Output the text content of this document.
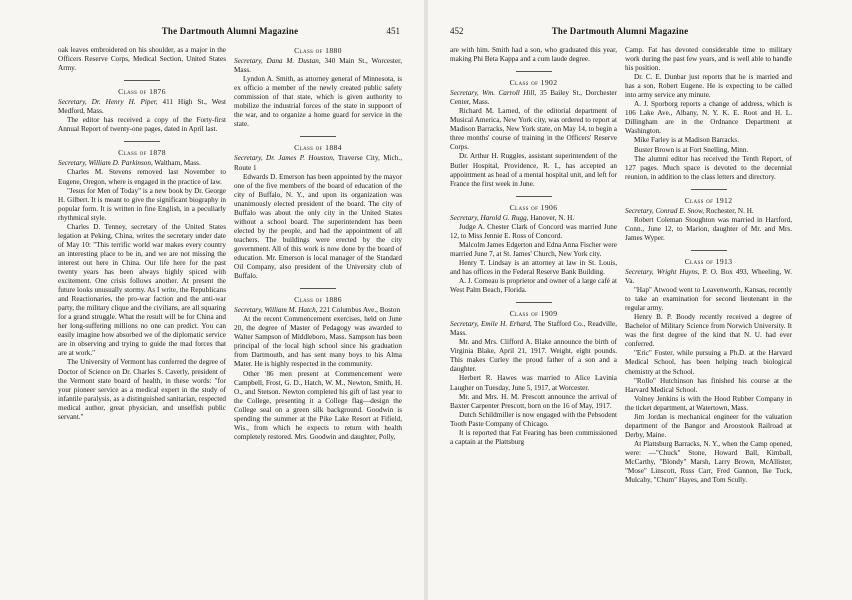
The Dartmouth Alumni Magazine	451

oak leaves embroidered on his shoulder, as a major in the Officers Reserve Corps, Medical Section, United States Army.

Class of 1876

Secretary, Dr. Henry H. Piper, 411 High St., West Medford, Mass.

The editor has received a copy of the Forty-first Annual Report of twenty-one pages, dated in April last.

Class of 1878

Secretary, William D. Parkinson, Waltham, Mass.

Charles M. Stevens removed last November to Eugene, Oregon, where is engaged in the practice of law.

"Jesus for Men of Today" is a new book by Dr. George H. Gilbert. It is meant to give the significant biography in popular form. It is written in fine English, in a peculiarly rhythmical style.

Charles D. Tenney, secretary of the United States legation at Peking, China, writes the secretary under date of May 10: "This terrific world war makes every country an interesting place to be in, and we are not missing the interest out here in China. Our life here for the past twenty years has been always highly spiced with excitement. One crisis follows another. At present the future looks unusually stormy. As I write, the Republicans and Reactionaries, the pro-war faction and the anti-war party, the military clique and the civilians, are all squaring for a grand struggle. What the result will be for China and her long-suffering millions no one can predict. You can easily imagine how absorbed we of the diplomatic service are in observing and trying to guide the mad forces that are at work."

The University of Vermont has conferred the degree of Doctor of Science on Dr. Charles S. Caverly, president of the Vermont state board of health, in these words: "for your pioneer service as a medical expert in the study of infantile paralysis, as a distinguished sanitarian, respected medical author, great physician, and unselfish public servant."

Class of 1880

Secretary, Dana M. Dustan, 340 Main St., Worcester, Mass.

Lyndon A. Smith, as attorney general of Minnesota, is ex officio a member of the newly created public safety commission of that state, which is given authority to mobilize the industrial forces of the state in suppoort of the war, and to organize a home guard for service in the state.

Class of 1884

Secretary, Dr. James P. Houston, Traverse City, Mich., Route 1

Edwards D. Emerson has been appointed by the mayor one of the five members of the board of education of the city of Buffalo, N. Y., and upon its organization was unanimously elected president of the board. The city of Buffalo was about the only city in the United States without a school board. The superintendent has been elected by the people, and had the appointment of all teachers. The buildings were erected by the city government. All of this work is now done by the board of education. Mr. Emerson is local manager of the Standard Oil Company, also president of the University club of Buffalo.

Class of 1886

Secretary, William M. Hatch, 221 Columbus Ave., Boston

At the recent Commencement exercises, held on June 20, the degree of Master of Pedagogy was awarded to Walter Sampson of Middleboro, Mass. Sampson has been principal of the local high school since his graduation from Dartmouth, and has sent many boys to his Alma Mater. He is highly respected in the community.

Other '86 men present at Commencement were Campbell, Frost, G. D., Hatch, W. M., Newton, Smith, H. O., and Stetson. Newton completed his gift of last year to the College, presenting it a College flag—design the College seal on a green silk background. Goodwin is spending the summer at the Pike Lake Resort at Fifield, Wis., from which he expects to return with health completely restored. Mrs. Goodwin and daughter, Polly,

452	The Dartmouth Alumni Magazine

are with him. Smith had a son, who graduated this year, making Phi Beta Kappa and a cum laude degree.

Class of 1902

Secretary, Wm. Carroll Hill, 35 Bailey St., Dorchester Center, Mass.

Richard M. Larned, of the editorial department of Musical America, New York city, was ordered to report at Madison Barracks, New York state, on May 14, to begin a three months' course of training in the Officers' Reserve Corps.

Dr. Arthur H. Ruggles, assistant superintendent of the Butler Hospital, Providence, R. I., has accepted an appointment as head of a mental hospital unit, and left for France the first week in June.

Class of 1906

Secretary, Harold G. Rugg, Hanover, N. H.

Judge A. Chester Clark of Concord was married June 12, to Miss Jennie E. Ross of Concord.

Malcolm James Edgerton and Edna Anna Fischer were married June 7, at St. James' Church, New York city.

Henry T. Lindsay is an attorney at law in St. Louis, and has offices in the Federal Reserve Bank Building.

A. J. Comeau is proprietor and owner of a large café at West Palm Beach, Florida.

Class of 1909

Secretary, Emile H. Erhard, The Stafford Co., Readville, Mass.

Mr. and Mrs. Clifford A. Blake announce the birth of Virginia Blake, April 21, 1917. Weight, eight pounds. This makes Curley the proud father of a son and a daughter.

Herbert R. Hawes was married to Alice Lavinia Laugher on Tuesday, June 5, 1917, at Worcester.

Mr. and Mrs. H. M. Prescott announce the arrival of Baxter Carpenter Prescott, born on the 16 of May, 1917.

Dutch Schildmiller is now engaged with the Pebsodent Tooth Paste Company of Chicago.

It is reported that Fat Fearing has been commissioned a captain at the Plattsburg

Camp. Fat has devoted considerable time to military work during the past few years, and is well able to handle his position.

Dr. C. E. Dunbar just reports that he is married and has a son, Robert Eugene. He is expecting to be called into army service any minute.

A. J. Sporborg reports a change of address, which is 106 Lake Ave., Albany, N. Y. K. E. Root and H. L. Dillingham are in the Ordnance Department at Washington.

Mike Farley is at Madison Barracks.

Buster Brown is at Fort Snelling, Minn.

The alumni editor has received the Tenth Report, of 127 pages. Much space is devoted to the decennial reunion, in addition to the class letters and directory.

Class of 1912

Secretary, Conrad E. Snow, Rochester, N. H.

Robert Coleman Stoughton was married in Hartford, Conn., June 12, to Marion, daughter of Mr. and Mrs. James Wyper.

Class of 1913

Secretary, Wright Huyns, P. O. Box 493, Wheeling, W. Va.

"Hap" Atwood went to Leavenworth, Kansas, recently to take an examination for second lieutenant in the regular army.

Henry B. P. Boody recently received a degree of Bachelor of Military Science from Norwich University. It was the first degree of the kind that N. U. had ever conferred.

"Eric" Foster, while pursuing a Ph.D. at the Harvard Medical School, has been helping teach biological chemistry at the School.

"Rollo" Hutchinson has finished his course at the Harvard Medical School.

Volney Jenkins is with the Hood Rubber Company in the ticket department, at Watertown, Mass.

Jim Jordan is mechanical engineer for the valuation department of the Bangor and Aroostook Railroad at Derby, Maine.

At Plattsburg Barracks, N. Y., when the Camp opened, were: —"Chuck" Stone, Howard Ball, Kimball, McCarthy, "Blondy" Marsh, Larry Brown, McAllister, "Mose" Linscott, Russ Carr, Fred Gannon, Ike Tuck, Mulcahy, "Chum" Hayes, and Tom Scully.
